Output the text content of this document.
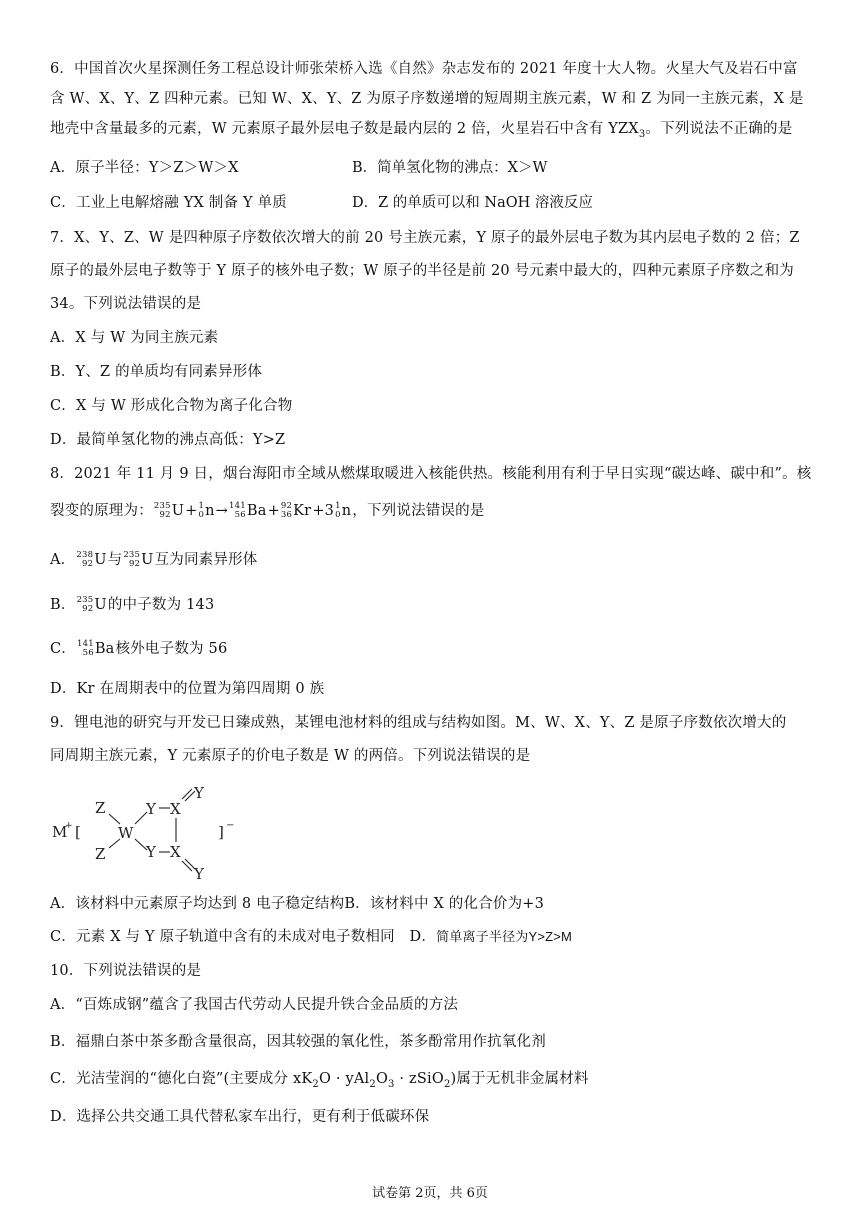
6．中国首次火星探测任务工程总设计师张荣桥入选《自然》杂志发布的 2021 年度十大人物。火星大气及岩石中富
含 W、X、Y、Z 四种元素。已知 W、X、Y、Z 为原子序数递增的短周期主族元素，W 和 Z 为同一主族元素，X 是
地壳中含量最多的元素，W 元素原子最外层电子数是最内层的 2 倍，火星岩石中含有 $YZX_3$。下列说法不正确的是
A．原子半径：Y＞Z＞W＞X	B．简单氢化物的沸点：X＞W
C．工业上电解熔融 YX 制备 Y 单质	D．Z 的单质可以和 NaOH 溶液反应
7．X、Y、Z、W 是四种原子序数依次增大的前 20 号主族元素，Y 原子的最外层电子数为其内层电子数的 2 倍；Z
原子的最外层电子数等于 Y 原子的核外电子数；W 原子的半径是前 20 号元素中最大的，四种元素原子序数之和为
34。下列说法错误的是
A．X 与 W 为同主族元素
B．Y、Z 的单质均有同素异形体
C．X 与 W 形成化合物为离子化合物
D．最简单氢化物的沸点高低：Y>Z
8．2021 年 11 月 9 日，烟台海阳市全域从燃煤取暖进入核能供热。核能利用有利于早日实现“碳达峰、碳中和”。核
裂变的原理为： 235
92 U+ 1
0 n→ 141
56 Ba+ 92
36 Kr+3 1
0 n，下列说法错误的是
A． 238
92 U与 235
92 U互为同素异形体
B． 235
92 U的中子数为 143
C． 141
56 Ba核外电子数为 56
D．Kr 在周期表中的位置为第四周期 0 族
9．锂电池的研究与开发已日臻成熟，某锂电池材料的组成与结构如图。M、W、X、Y、Z 是原子序数依次增大的
同周期主族元素，Y 元素原子的价电子数是 W 的两倍。下列说法错误的是
M
+ [
Z
Z
W
Y
Y
X
X
Y
Y
] −
A．该材料中元素原子均达到 8 电子稳定结构B．该材料中 X 的化合价为+3
C．元素 X 与 Y 原子轨道中含有的未成对电子数相同　D．简单离子半径为Y>Z>M
10．下列说法错误的是
A．“百炼成钢”蕴含了我国古代劳动人民提升铁合金品质的方法
B．福鼎白茶中茶多酚含量很高，因其较强的氧化性，茶多酚常用作抗氧化剂
C．光洁莹润的“德化白瓷”(主要成分 $xK_2O \cdot yAl_2O_3$ · zSiO$_2$)属于无机非金属材料
D．选择公共交通工具代替私家车出行，更有利于低碳环保
试卷第 2页，共 6页
